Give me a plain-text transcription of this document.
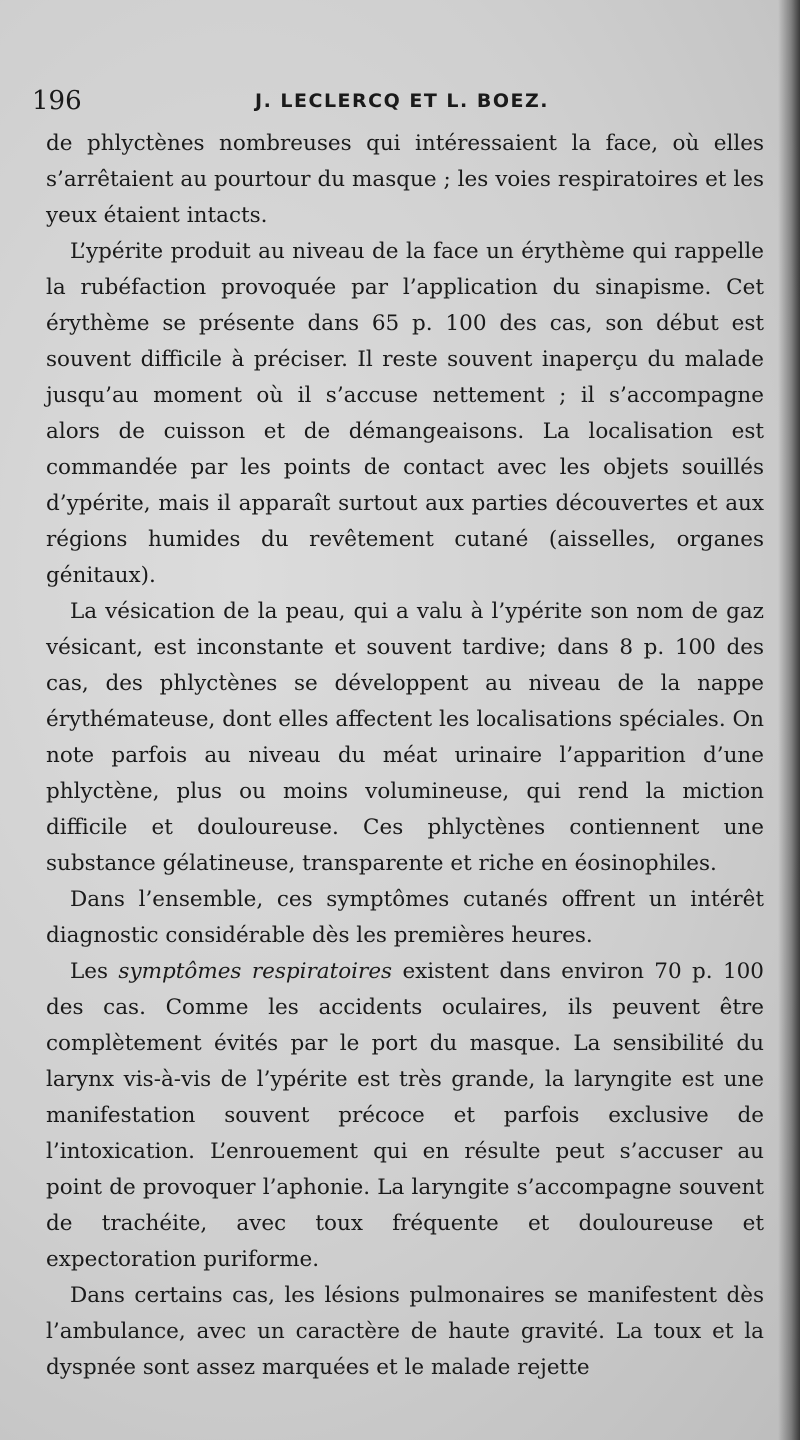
196	J. LECLERCQ ET L. BOEZ.

de phlyctènes nombreuses qui intéressaient la face, où elles s’arrêtaient au pourtour du masque ; les voies respiratoires et les yeux étaient intacts.

L’ypérite produit au niveau de la face un érythème qui rappelle la rubéfaction provoquée par l’application du sinapisme. Cet érythème se présente dans 65 p. 100 des cas, son début est souvent difficile à préciser. Il reste souvent inaperçu du malade jusqu’au moment où il s’accuse nettement ; il s’accompagne alors de cuisson et de démangeaisons. La localisation est commandée par les points de contact avec les objets souillés d’ypérite, mais il apparaît surtout aux parties découvertes et aux régions humides du revêtement cutané (aisselles, organes génitaux).

La vésication de la peau, qui a valu à l’ypérite son nom de gaz vésicant, est inconstante et souvent tardive; dans 8 p. 100 des cas, des phlyctènes se développent au niveau de la nappe érythémateuse, dont elles affectent les localisations spéciales. On note parfois au niveau du méat urinaire l’apparition d’une phlyctène, plus ou moins volumineuse, qui rend la miction difficile et douloureuse. Ces phlyctènes contiennent une substance gélatineuse, transparente et riche en éosinophiles.

Dans l’ensemble, ces symptômes cutanés offrent un intérêt diagnostic considérable dès les premières heures.

Les symptômes respiratoires existent dans environ 70 p. 100 des cas. Comme les accidents oculaires, ils peuvent être complètement évités par le port du masque. La sensibilité du larynx vis-à-vis de l’ypérite est très grande, la laryngite est une manifestation souvent précoce et parfois exclusive de l’intoxication. L’enrouement qui en résulte peut s’accuser au point de provoquer l’aphonie. La laryngite s’accompagne souvent de trachéite, avec toux fréquente et douloureuse et expectoration puriforme.

Dans certains cas, les lésions pulmonaires se manifestent dès l’ambulance, avec un caractère de haute gravité. La toux et la dyspnée sont assez marquées et le malade rejette
